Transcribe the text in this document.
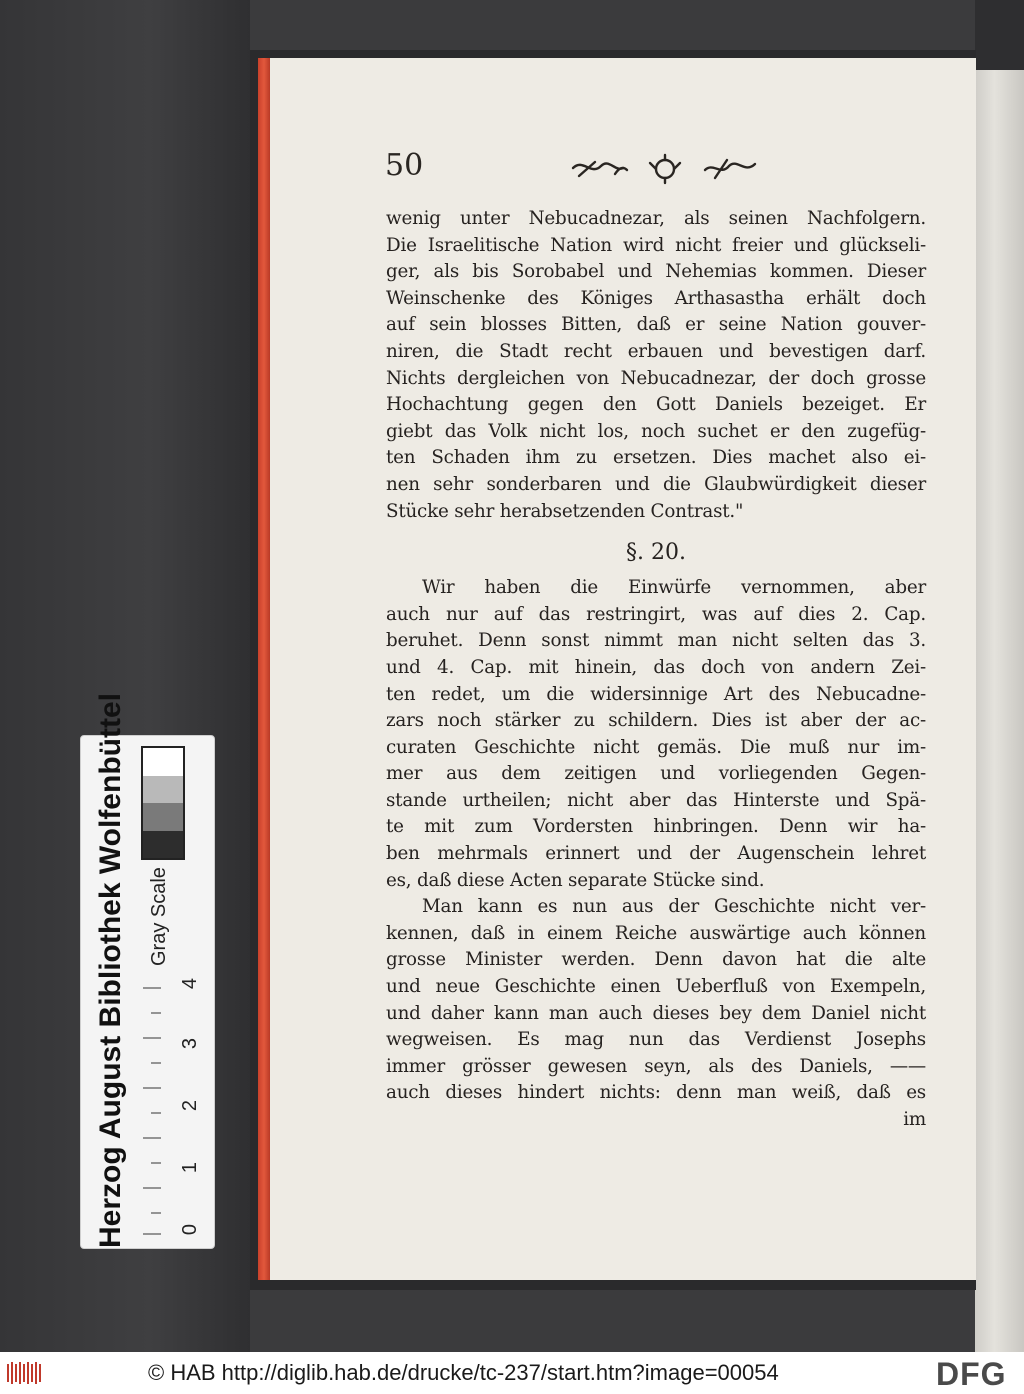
50
wenig unter Nebucadnezar, als seinen Nachfolgern.
Die Israelitische Nation wird nicht freier und glückseli-
ger, als bis Sorobabel und Nehemias kommen. Dieser
Weinschenke des Königes Arthasastha erhält doch
auf sein blosses Bitten, daß er seine Nation gouver-
niren, die Stadt recht erbauen und bevestigen darf.
Nichts dergleichen von Nebucadnezar, der doch grosse
Hochachtung gegen den Gott Daniels bezeiget. Er
giebt das Volk nicht los, noch suchet er den zugefüg-
ten Schaden ihm zu ersetzen. Dies machet also ei-
nen sehr sonderbaren und die Glaubwürdigkeit dieser
Stücke sehr herabsetzenden Contrast."
§. 20.
Wir haben die Einwürfe vernommen, aber
auch nur auf das restringirt, was auf dies 2. Cap.
beruhet. Denn sonst nimmt man nicht selten das 3.
und 4. Cap. mit hinein, das doch von andern Zei-
ten redet, um die widersinnige Art des Nebucadne-
zars noch stärker zu schildern. Dies ist aber der ac-
curaten Geschichte nicht gemäs. Die muß nur im-
mer aus dem zeitigen und vorliegenden Gegen-
stande urtheilen; nicht aber das Hinterste und Spä-
te mit zum Vordersten hinbringen. Denn wir ha-
ben mehrmals erinnert und der Augenschein lehret
es, daß diese Acten separate Stücke sind.
Man kann es nun aus der Geschichte nicht ver-
kennen, daß in einem Reiche auswärtige auch können
grosse Minister werden. Denn davon hat die alte
und neue Geschichte einen Ueberfluß von Exempeln,
und daher kann man auch dieses bey dem Daniel nicht
wegweisen. Es mag nun das Verdienst Josephs
immer grösser gewesen seyn, als des Daniels, ——
auch dieses hindert nichts: denn man weiß, daß es
im
Herzog August Bibliothek Wolfenbüttel	Gray Scale
4
3
2
1
0
© HAB http://diglib.hab.de/drucke/tc-237/start.htm?image=00054	DFG
